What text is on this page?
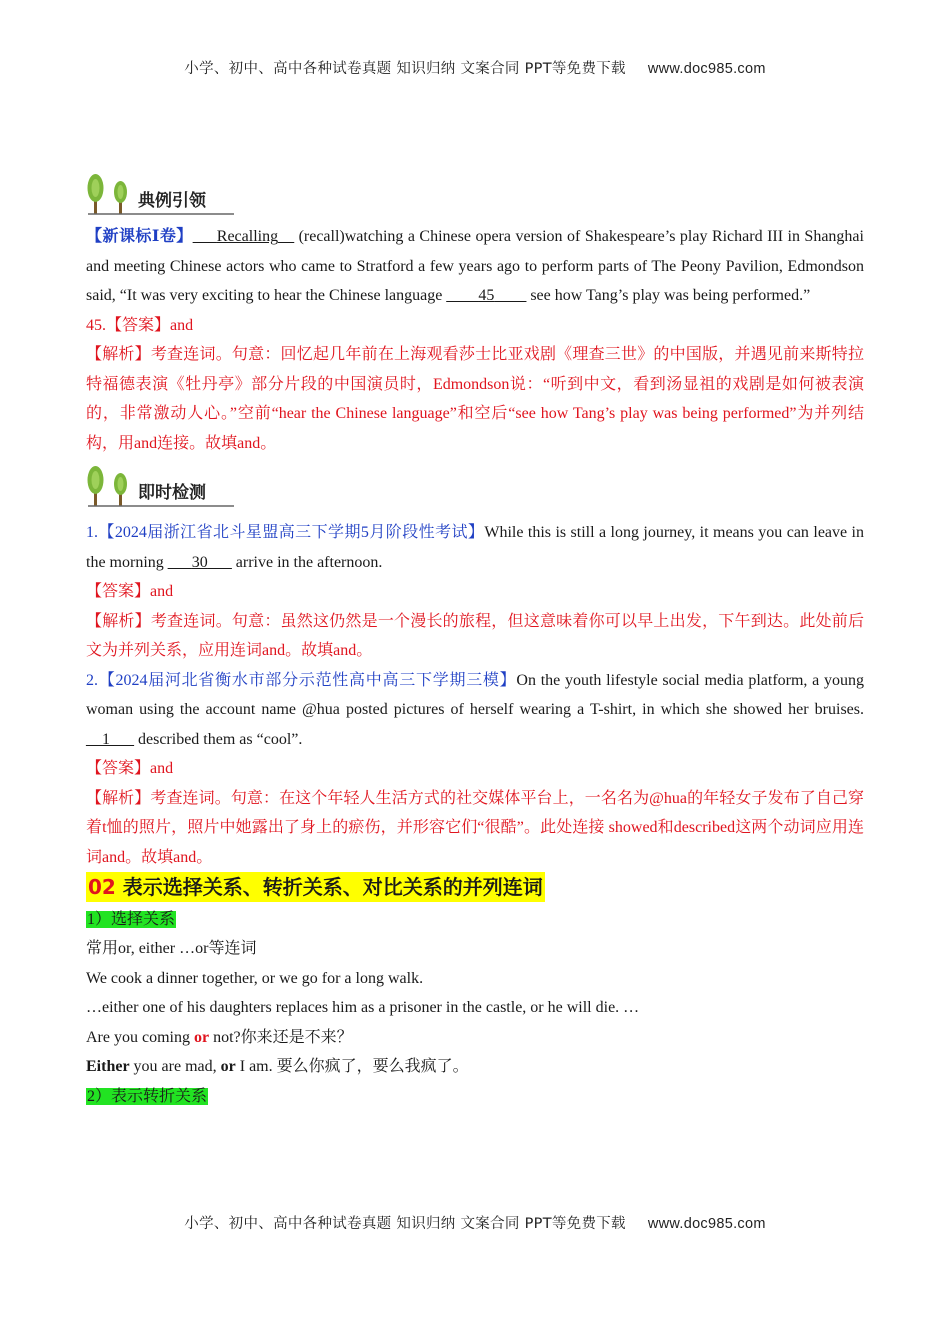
小学、初中、高中各种试卷真题 知识归纳 文案合同 PPT等免费下载 www.doc985.com
典例引领
【新课标Ⅰ卷】___Recalling__ (recall)watching a Chinese opera version of Shakespeare’s play Richard III in Shanghai and meeting Chinese actors who came to Stratford a few years ago to perform parts of The Peony Pavilion, Edmondson said, “It was very exciting to hear the Chinese language ____45____ see how Tang’s play was being performed.”
45.【答案】and
【解析】考查连词。句意：回忆起几年前在上海观看莎士比亚戏剧《理查三世》的中国版，并遇见前来斯特拉特福德表演《牡丹亭》部分片段的中国演员时，Edmondson说：“听到中文，看到汤显祖的戏剧是如何被表演的，非常激动人心。”空前“hear the Chinese language”和空后“see how Tang’s play was being performed”为并列结构，用and连接。故填and。
即时检测
1.【2024届浙江省北斗星盟高三下学期5月阶段性考试】While this is still a long journey, it means you can leave in the morning ___30___ arrive in the afternoon.
【答案】and
【解析】考查连词。句意：虽然这仍然是一个漫长的旅程，但这意味着你可以早上出发，下午到达。此处前后文为并列关系，应用连词and。故填and。
2.【2024届河北省衡水市部分示范性高中高三下学期三模】On the youth lifestyle social media platform, a young woman using the account name @hua posted pictures of herself wearing a T-shirt, in which she showed her bruises. __1___ described them as “cool”.
【答案】and
【解析】考查连词。句意：在这个年轻人生活方式的社交媒体平台上，一名名为@hua的年轻女子发布了自己穿着t恤的照片，照片中她露出了身上的瘀伤，并形容它们“很酷”。此处连接 showed和described这两个动词应用连词and。故填and。
02 表示选择关系、转折关系、对比关系的并列连词
1）选择关系
常用or, either …or等连词
We cook a dinner together, or we go for a long walk.
…either one of his daughters replaces him as a prisoner in the castle, or he will die. …
Are you coming or not?你来还是不来？
Either you are mad, or I am. 要么你疯了，要么我疯了。
2）表示转折关系
小学、初中、高中各种试卷真题 知识归纳 文案合同 PPT等免费下载 www.doc985.com
